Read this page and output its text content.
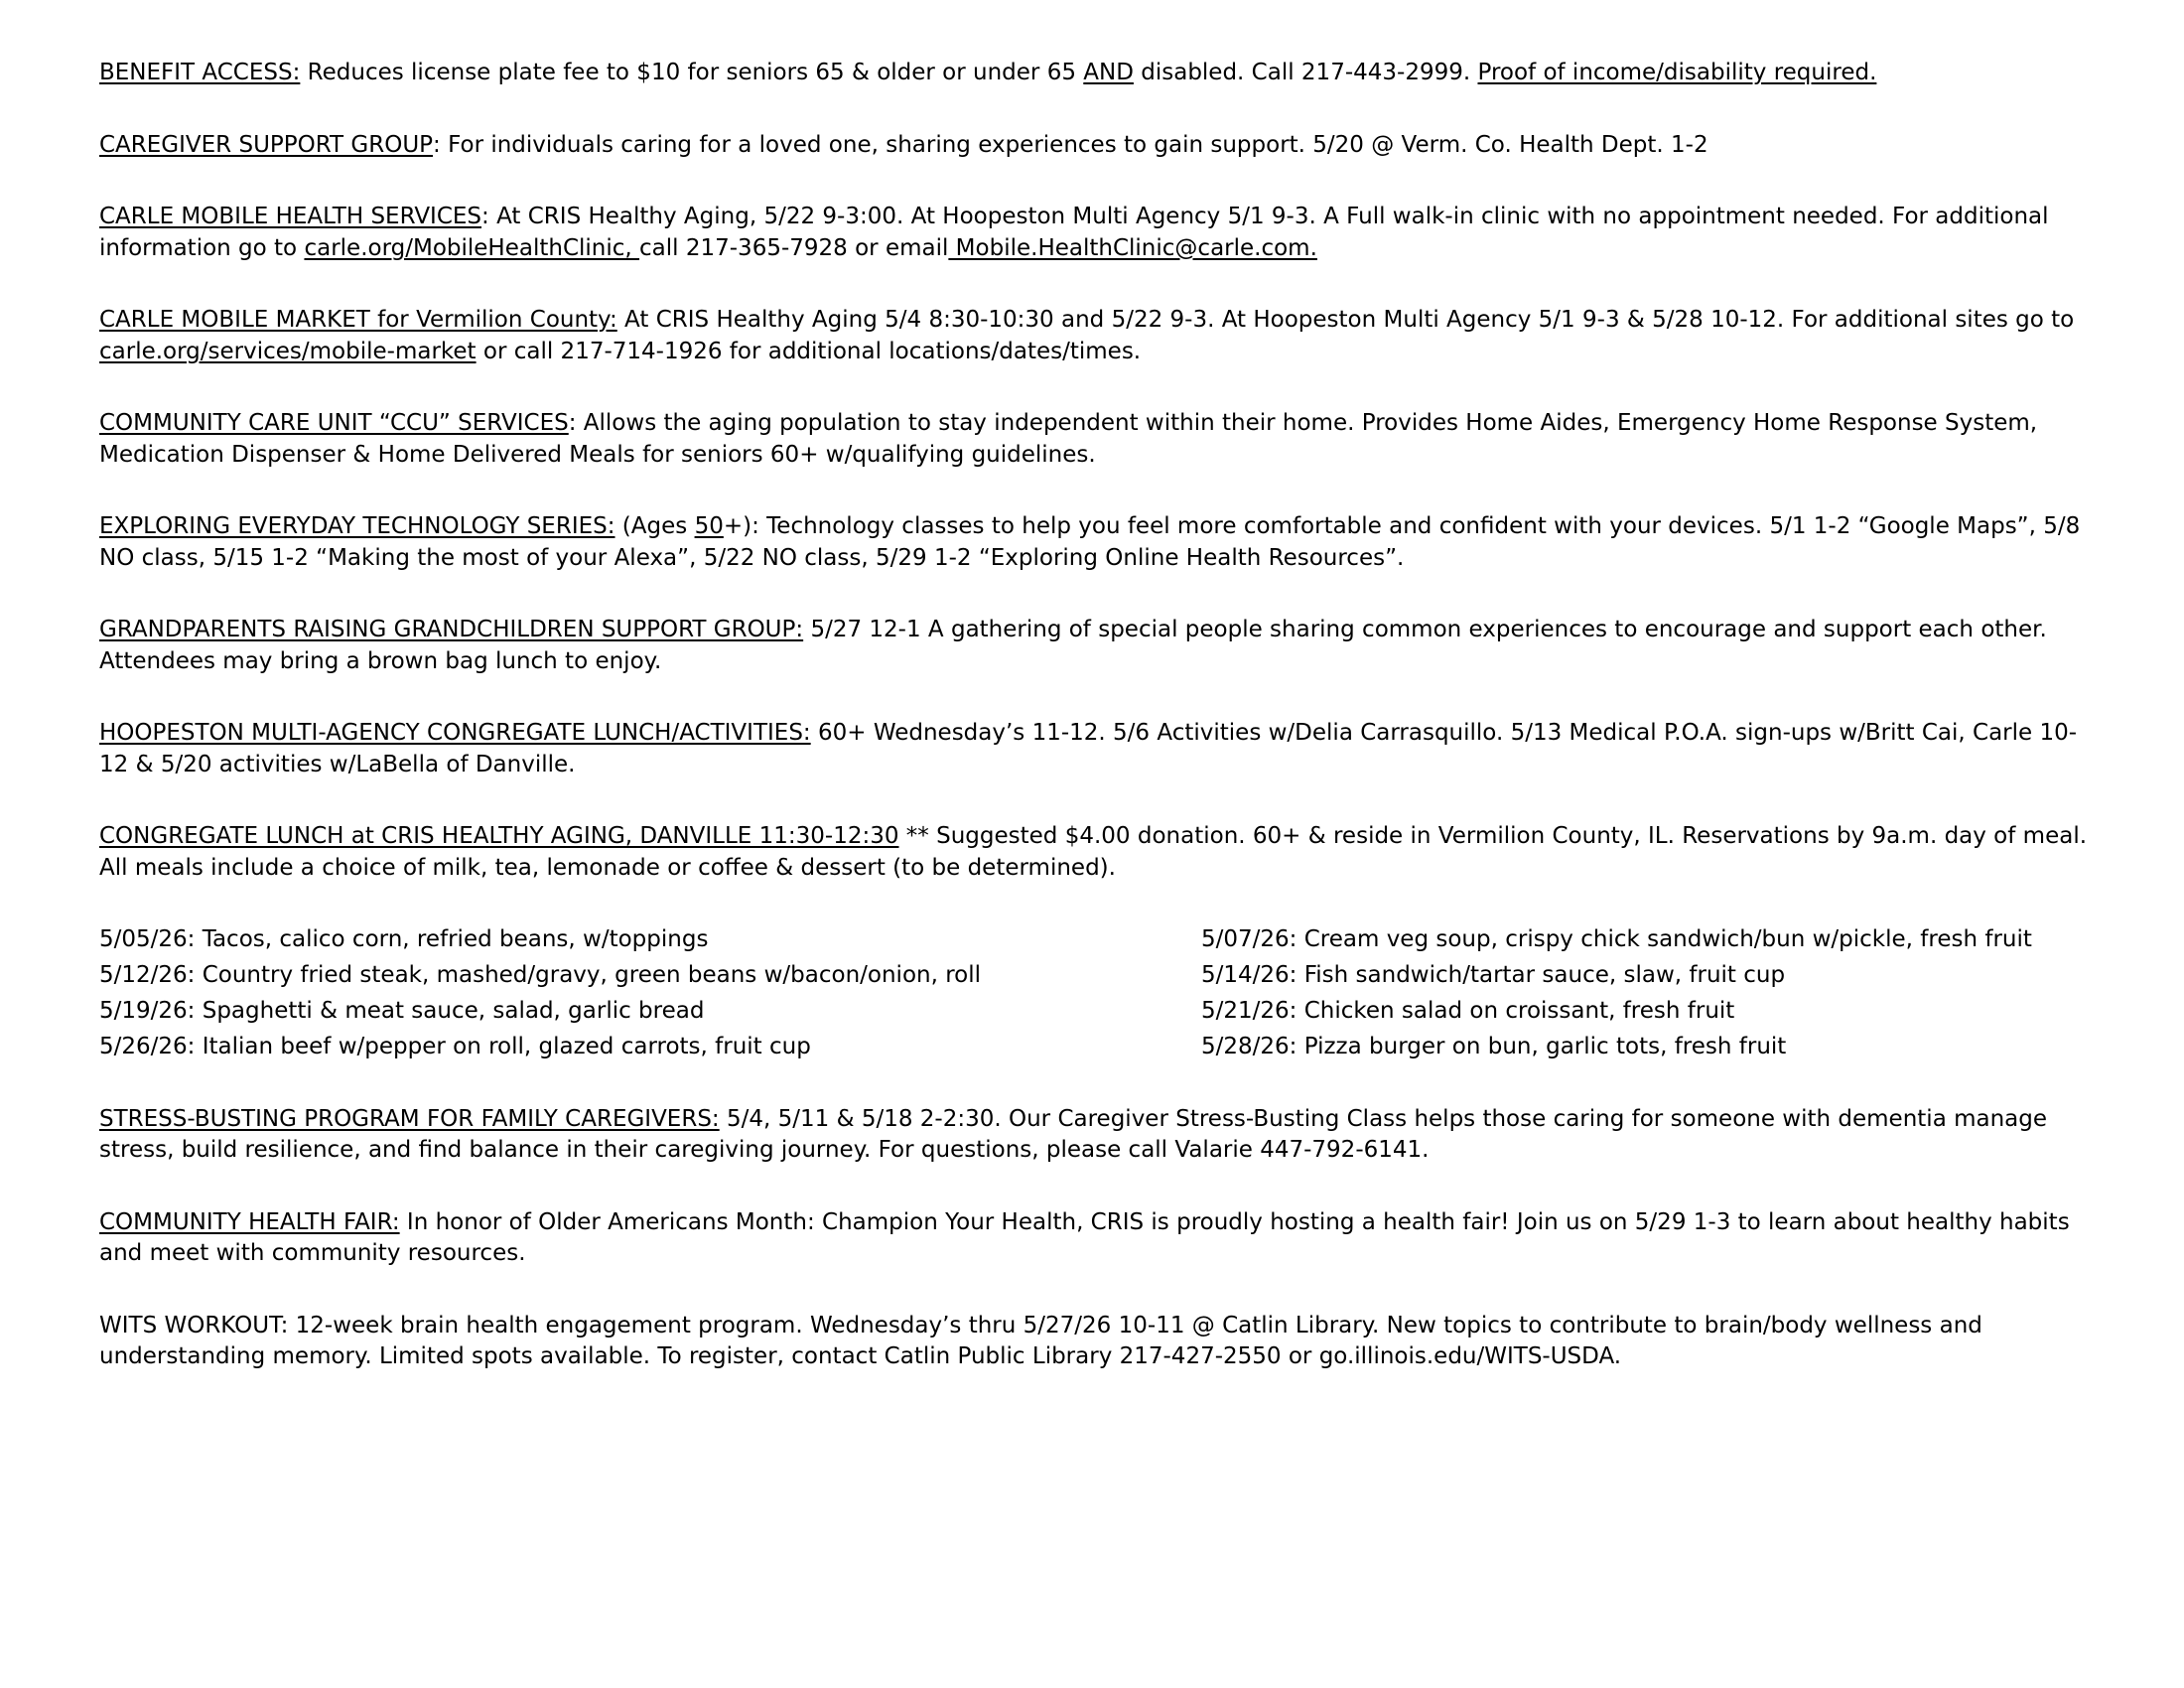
BENEFIT ACCESS: Reduces license plate fee to $10 for seniors 65 & older or under 65 AND disabled. Call 217-443-2999. Proof of income/disability required.

CAREGIVER SUPPORT GROUP: For individuals caring for a loved one, sharing experiences to gain support. 5/20 @ Verm. Co. Health Dept. 1-2

CARLE MOBILE HEALTH SERVICES: At CRIS Healthy Aging, 5/22 9-3:00. At Hoopeston Multi Agency 5/1 9-3. A Full walk-in clinic with no appointment needed. For additional information go to carle.org/MobileHealthClinic, call 217-365-7928 or email Mobile.HealthClinic@carle.com.

CARLE MOBILE MARKET for Vermilion County: At CRIS Healthy Aging 5/4 8:30-10:30 and 5/22 9-3. At Hoopeston Multi Agency 5/1 9-3 & 5/28 10-12. For additional sites go to carle.org/services/mobile-market or call 217-714-1926 for additional locations/dates/times.

COMMUNITY CARE UNIT “CCU” SERVICES: Allows the aging population to stay independent within their home. Provides Home Aides, Emergency Home Response System, Medication Dispenser & Home Delivered Meals for seniors 60+ w/qualifying guidelines.

EXPLORING EVERYDAY TECHNOLOGY SERIES: (Ages 50+): Technology classes to help you feel more comfortable and confident with your devices. 5/1 1-2 “Google Maps”, 5/8 NO class, 5/15 1-2 “Making the most of your Alexa”, 5/22 NO class, 5/29 1-2 “Exploring Online Health Resources”.

GRANDPARENTS RAISING GRANDCHILDREN SUPPORT GROUP: 5/27 12-1 A gathering of special people sharing common experiences to encourage and support each other. Attendees may bring a brown bag lunch to enjoy.

HOOPESTON MULTI-AGENCY CONGREGATE LUNCH/ACTIVITIES: 60+ Wednesday’s 11-12. 5/6 Activities w/Delia Carrasquillo. 5/13 Medical P.O.A. sign-ups w/Britt Cai, Carle 10-12 & 5/20 activities w/LaBella of Danville.

CONGREGATE LUNCH at CRIS HEALTHY AGING, DANVILLE 11:30-12:30 ** Suggested $4.00 donation. 60+ & reside in Vermilion County, IL. Reservations by 9a.m. day of meal. All meals include a choice of milk, tea, lemonade or coffee & dessert (to be determined).

5/05/26: Tacos, calico corn, refried beans, w/toppings	5/07/26: Cream veg soup, crispy chick sandwich/bun w/pickle, fresh fruit
5/12/26: Country fried steak, mashed/gravy, green beans w/bacon/onion, roll	5/14/26: Fish sandwich/tartar sauce, slaw, fruit cup
5/19/26: Spaghetti & meat sauce, salad, garlic bread	5/21/26: Chicken salad on croissant, fresh fruit
5/26/26: Italian beef w/pepper on roll, glazed carrots, fruit cup	5/28/26: Pizza burger on bun, garlic tots, fresh fruit

STRESS-BUSTING PROGRAM FOR FAMILY CAREGIVERS: 5/4, 5/11 & 5/18 2-2:30. Our Caregiver Stress-Busting Class helps those caring for someone with dementia manage stress, build resilience, and find balance in their caregiving journey. For questions, please call Valarie 447-792-6141.

COMMUNITY HEALTH FAIR: In honor of Older Americans Month: Champion Your Health, CRIS is proudly hosting a health fair! Join us on 5/29 1-3 to learn about healthy habits and meet with community resources.

WITS WORKOUT: 12-week brain health engagement program. Wednesday’s thru 5/27/26 10-11 @ Catlin Library. New topics to contribute to brain/body wellness and understanding memory. Limited spots available. To register, contact Catlin Public Library 217-427-2550 or go.illinois.edu/WITS-USDA.
